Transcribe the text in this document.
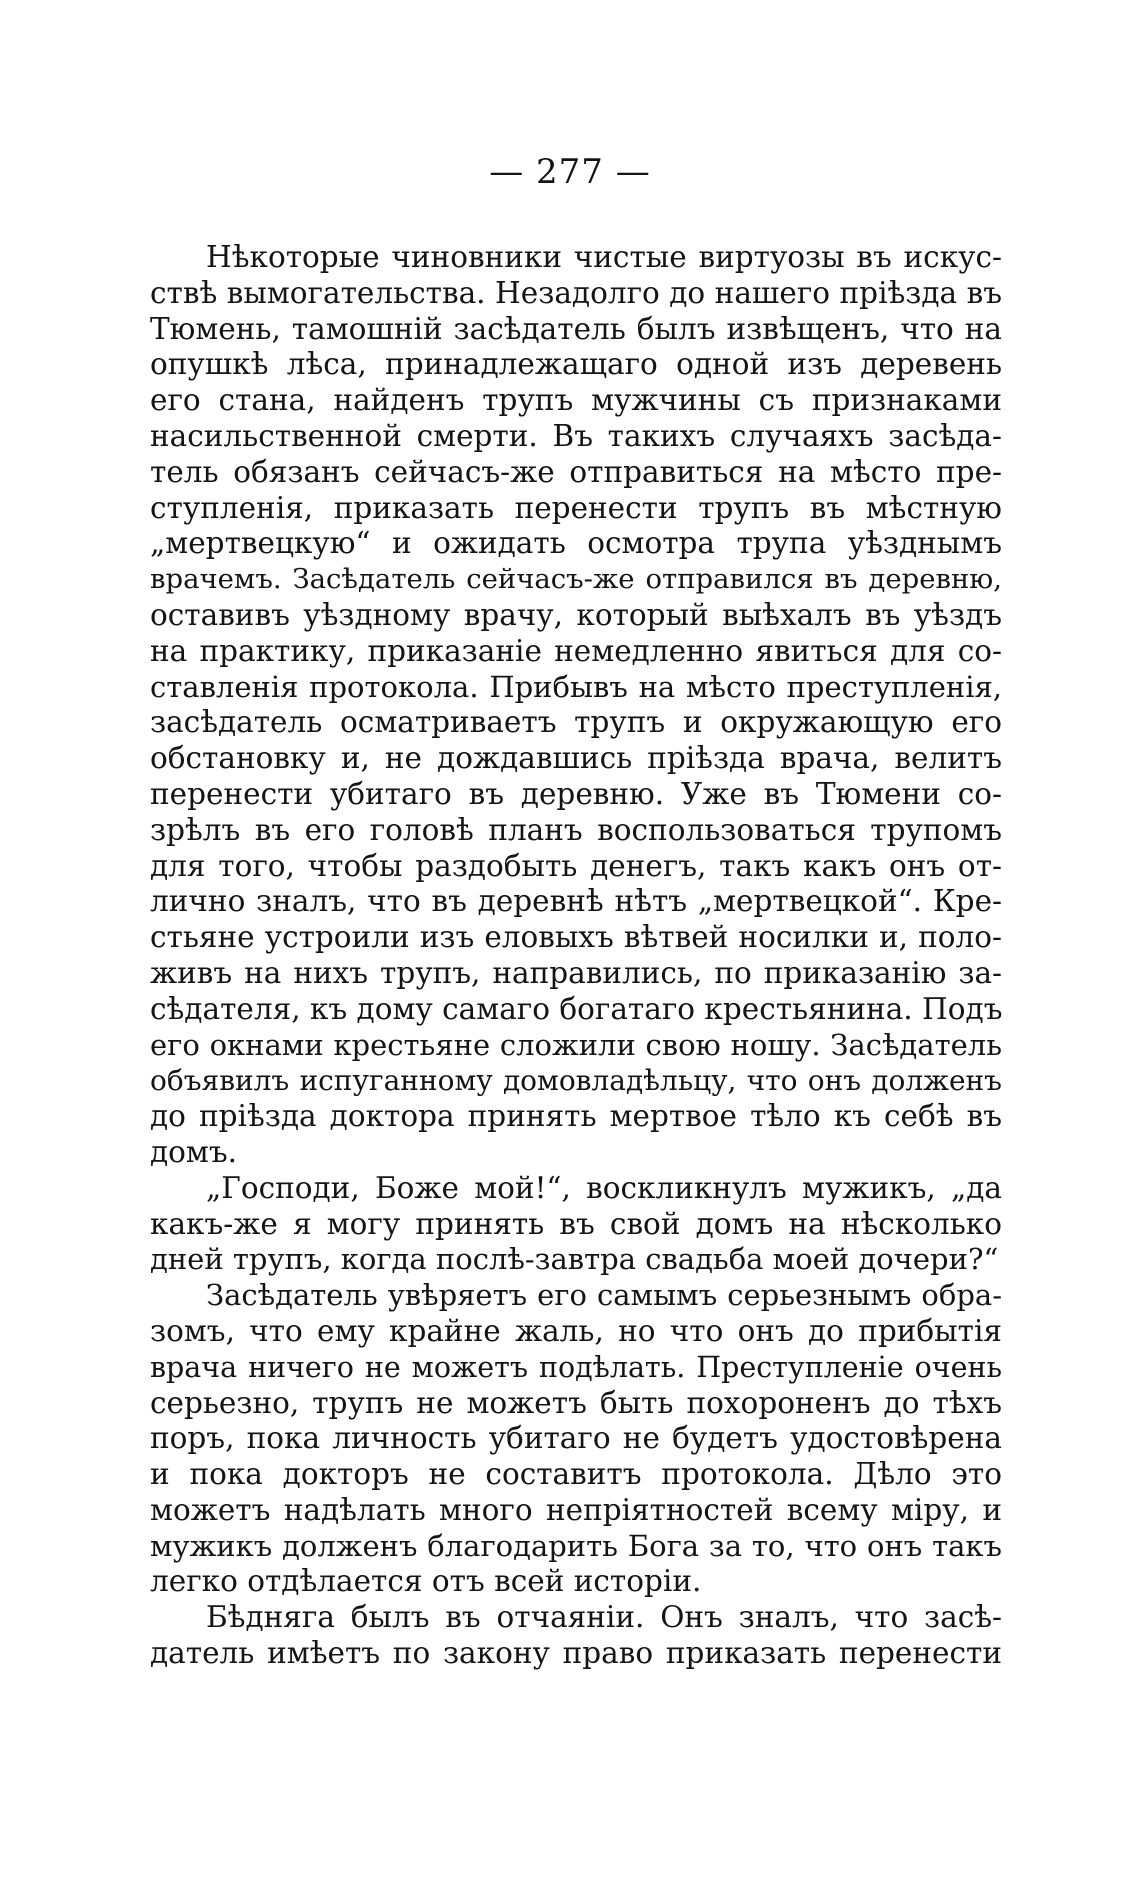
— 277 —
Нѣкоторые чиновники чистые виртуозы въ искус-
ствѣ вымогательства. Незадолго до нашего пріѣзда въ
Тюмень, тамошній засѣдатель былъ извѣщенъ, что на
опушкѣ лѣса, принадлежащаго одной изъ деревень
его стана, найденъ трупъ мужчины съ признаками
насильственной смерти. Въ такихъ случаяхъ засѣда-
тель обязанъ сейчасъ-же отправиться на мѣсто пре-
ступленія, приказать перенести трупъ въ мѣстную
„мертвецкую“ и ожидать осмотра трупа уѣзднымъ
врачемъ. Засѣдатель сейчасъ-же отправился въ деревню,
оставивъ уѣздному врачу, который выѣхалъ въ уѣздъ
на практику, приказаніе немедленно явиться для со-
ставленія протокола. Прибывъ на мѣсто преступленія,
засѣдатель осматриваетъ трупъ и окружающую его
обстановку и, не дождавшись пріѣзда врача, велитъ
перенести убитаго въ деревню. Уже въ Тюмени со-
зрѣлъ въ его головѣ планъ воспользоваться трупомъ
для того, чтобы раздобыть денегъ, такъ какъ онъ от-
лично зналъ, что въ деревнѣ нѣтъ „мертвецкой“. Кре-
стьяне устроили изъ еловыхъ вѣтвей носилки и, поло-
живъ на нихъ трупъ, направились, по приказанію за-
сѣдателя, къ дому самаго богатаго крестьянина. Подъ
его окнами крестьяне сложили свою ношу. Засѣдатель
объявилъ испуганному домовладѣльцу, что онъ долженъ
до пріѣзда доктора принять мертвое тѣло къ себѣ въ
домъ.
„Господи, Боже мой!“, воскликнулъ мужикъ, „да
какъ-же я могу принять въ свой домъ на нѣсколько
дней трупъ, когда послѣ-завтра свадьба моей дочери?“
Засѣдатель увѣряетъ его самымъ серьезнымъ обра-
зомъ, что ему крайне жаль, но что онъ до прибытія
врача ничего не можетъ подѣлать. Преступленіе очень
серьезно, трупъ не можетъ быть похороненъ до тѣхъ
поръ, пока личность убитаго не будетъ удостовѣрена
и пока докторъ не составитъ протокола. Дѣло это
можетъ надѣлать много непріятностей всему міру, и
мужикъ долженъ благодарить Бога за то, что онъ такъ
легко отдѣлается отъ всей исторіи.
Бѣдняга былъ въ отчаяніи. Онъ зналъ, что засѣ-
датель имѣетъ по закону право приказать перенести
